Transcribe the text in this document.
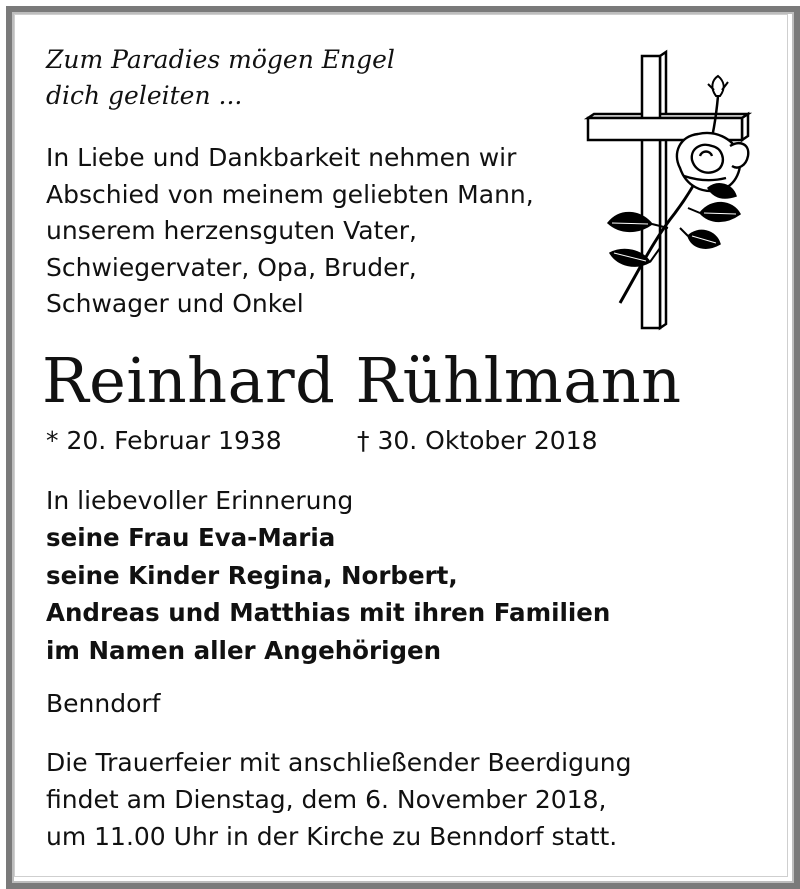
Zum Paradies mögen Engel
dich geleiten ...
In Liebe und Dankbarkeit nehmen wir
Abschied von meinem geliebten Mann,
unserem herzensguten Vater,
Schwiegervater, Opa, Bruder,
Schwager und Onkel
Reinhard Rühlmann
* 20. Februar 1938	† 30. Oktober 2018
In liebevoller Erinnerung
seine Frau Eva-Maria
seine Kinder Regina, Norbert,
Andreas und Matthias mit ihren Familien
im Namen aller Angehörigen
Benndorf
Die Trauerfeier mit anschließender Beerdigung
findet am Dienstag, dem 6. November 2018,
um 11.00 Uhr in der Kirche zu Benndorf statt.
